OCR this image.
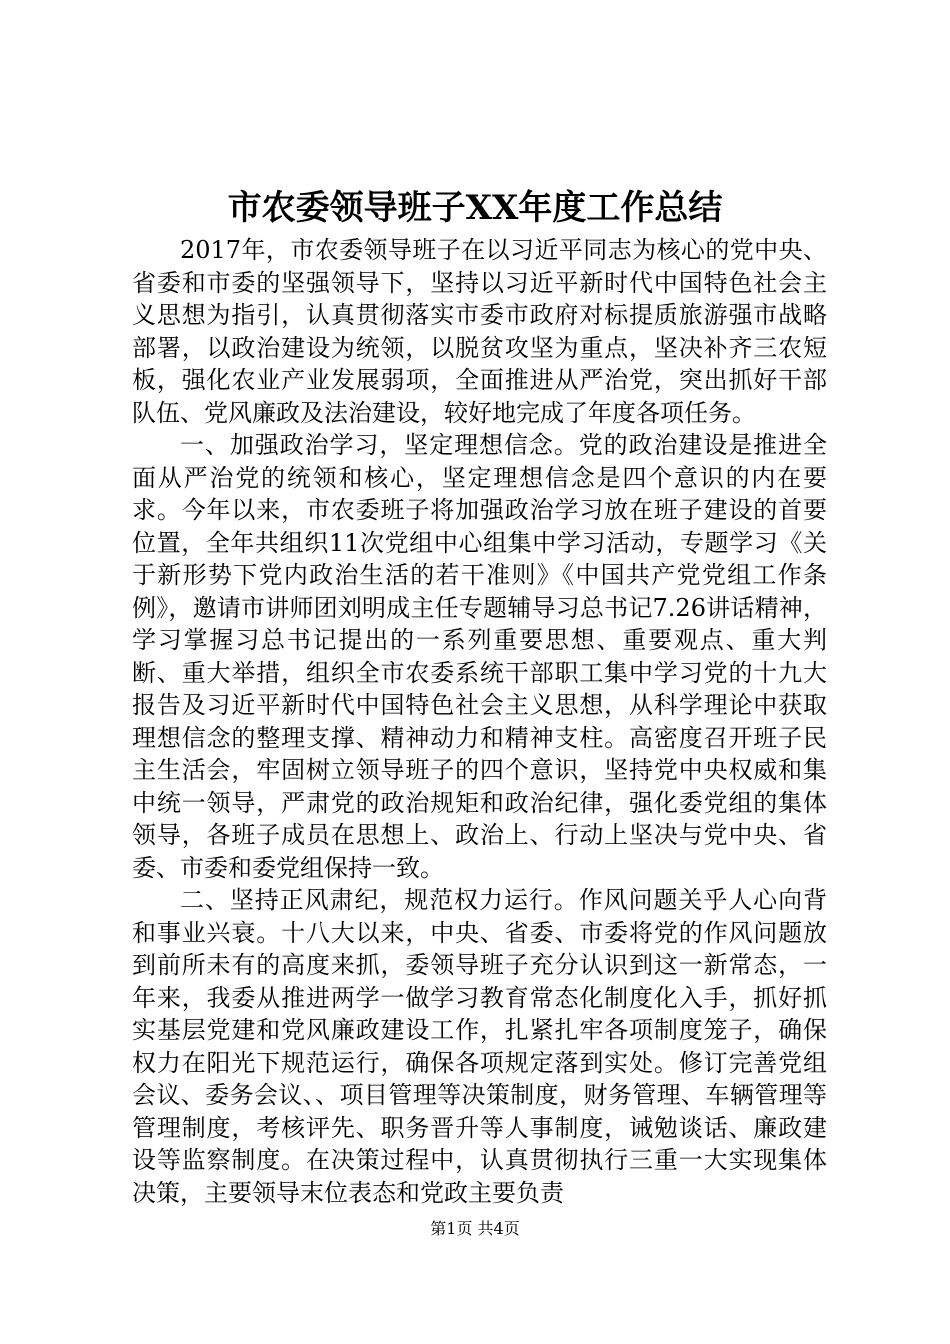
市农委领导班子XX年度工作总结

2017年，市农委领导班子在以习近平同志为核心的党中央、省委和市委的坚强领导下，坚持以习近平新时代中国特色社会主义思想为指引，认真贯彻落实市委市政府对标提质旅游强市战略部署，以政治建设为统领，以脱贫攻坚为重点，坚决补齐三农短板，强化农业产业发展弱项，全面推进从严治党，突出抓好干部队伍、党风廉政及法治建设，较好地完成了年度各项任务。

一、加强政治学习，坚定理想信念。党的政治建设是推进全面从严治党的统领和核心，坚定理想信念是四个意识的内在要求。今年以来，市农委班子将加强政治学习放在班子建设的首要位置，全年共组织11次党组中心组集中学习活动，专题学习《关于新形势下党内政治生活的若干准则》《中国共产党党组工作条例》，邀请市讲师团刘明成主任专题辅导习总书记7.26讲话精神，学习掌握习总书记提出的一系列重要思想、重要观点、重大判断、重大举措，组织全市农委系统干部职工集中学习党的十九大报告及习近平新时代中国特色社会主义思想，从科学理论中获取理想信念的整理支撑、精神动力和精神支柱。高密度召开班子民主生活会，牢固树立领导班子的四个意识，坚持党中央权威和集中统一领导，严肃党的政治规矩和政治纪律，强化委党组的集体领导，各班子成员在思想上、政治上、行动上坚决与党中央、省委、市委和委党组保持一致。

二、坚持正风肃纪，规范权力运行。作风问题关乎人心向背和事业兴衰。十八大以来，中央、省委、市委将党的作风问题放到前所未有的高度来抓，委领导班子充分认识到这一新常态，一年来，我委从推进两学一做学习教育常态化制度化入手，抓好抓实基层党建和党风廉政建设工作，扎紧扎牢各项制度笼子，确保权力在阳光下规范运行，确保各项规定落到实处。修订完善党组会议、委务会议、、项目管理等决策制度，财务管理、车辆管理等管理制度，考核评先、职务晋升等人事制度，诫勉谈话、廉政建设等监察制度。在决策过程中，认真贯彻执行三重一大实现集体决策，主要领导末位表态和党政主要负责

第1页 共4页
